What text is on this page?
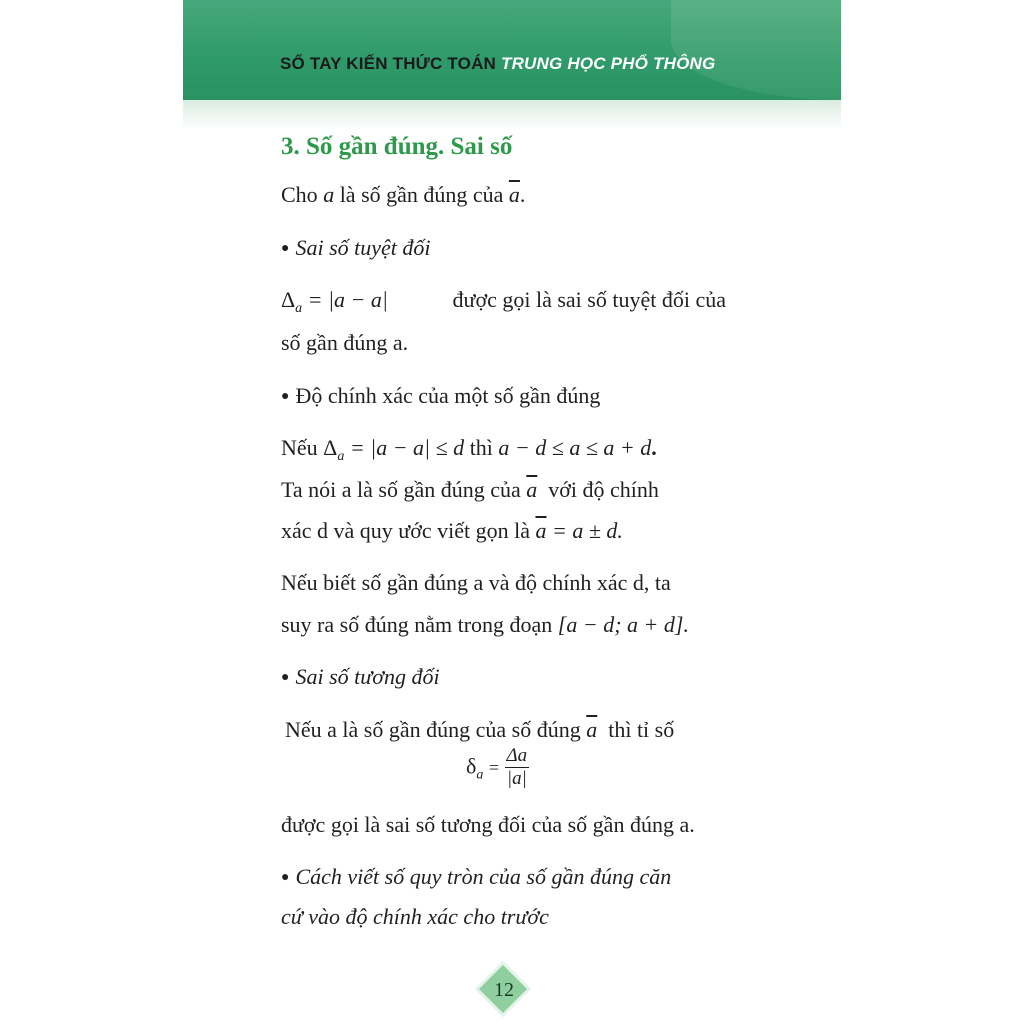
SỔ TAY KIẾN THỨC TOÁN TRUNG HỌC PHỔ THÔNG
3. Số gần đúng. Sai số
Cho a là số gần đúng của $\overline{a}$.
● Sai số tuyệt đối
$\Delta_a = |a - a|$	được gọi là sai số tuyệt đối của
số gần đúng a.
● Độ chính xác của một số gần đúng
Nếu $\Delta_a = |a - a| \le d$ thì a − d ≤ a ≤ a + d.
Ta nói a là số gần đúng của $\overline{a}$ với độ chính
xác d và quy ước viết gọn là $\overline{a} = a \pm d$.
Nếu biết số gần đúng a và độ chính xác d, ta
suy ra số đúng nằm trong đoạn [a − d; a + d].
● Sai số tương đối
Nếu a là số gần đúng của số đúng $\overline{a}$ thì tỉ số
$\delta_a = \frac{\Delta a}{|a|}$
được gọi là sai số tương đối của số gần đúng a.
● Cách viết số quy tròn của số gần đúng căn
cứ vào độ chính xác cho trước
12
